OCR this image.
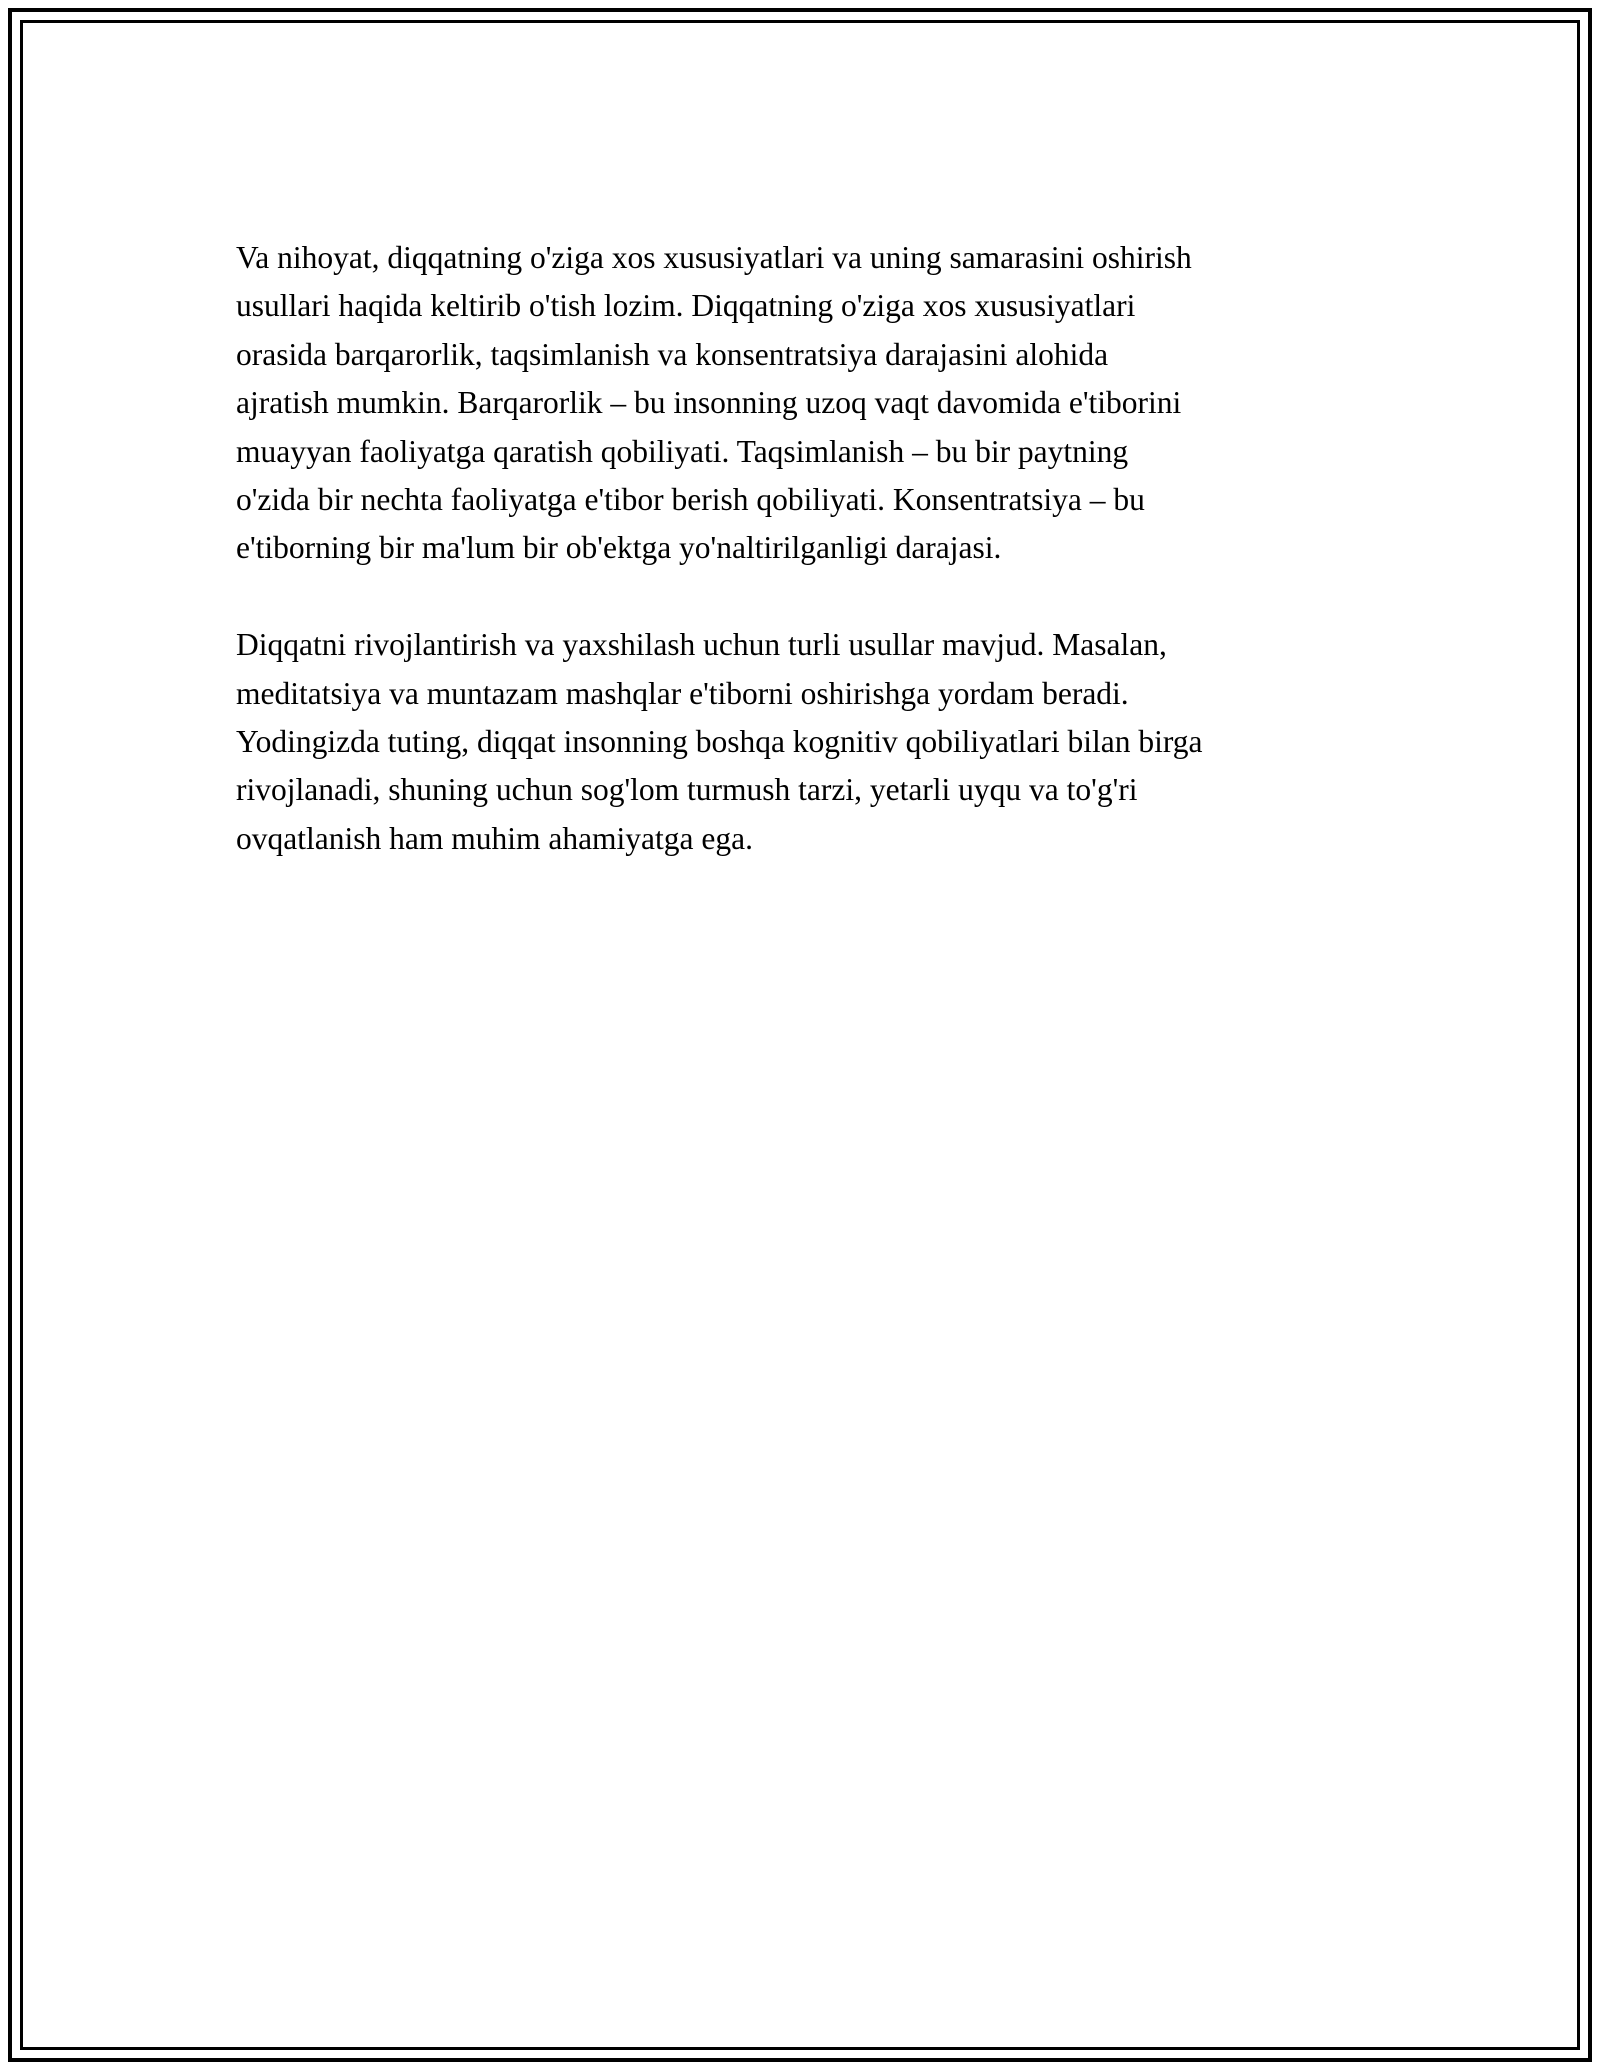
Va nihoyat, diqqatning o'ziga xos xususiyatlari va uning samarasini oshirish
usullari haqida keltirib o'tish lozim. Diqqatning o'ziga xos xususiyatlari
orasida barqarorlik, taqsimlanish va konsentratsiya darajasini alohida
ajratish mumkin. Barqarorlik – bu insonning uzoq vaqt davomida e'tiborini
muayyan faoliyatga qaratish qobiliyati. Taqsimlanish – bu bir paytning
o'zida bir nechta faoliyatga e'tibor berish qobiliyati. Konsentratsiya – bu
e'tiborning bir ma'lum bir ob'ektga yo'naltirilganligi darajasi.

Diqqatni rivojlantirish va yaxshilash uchun turli usullar mavjud. Masalan,
meditatsiya va muntazam mashqlar e'tiborni oshirishga yordam beradi.
Yodingizda tuting, diqqat insonning boshqa kognitiv qobiliyatlari bilan birga
rivojlanadi, shuning uchun sog'lom turmush tarzi, yetarli uyqu va to'g'ri
ovqatlanish ham muhim ahamiyatga ega.
